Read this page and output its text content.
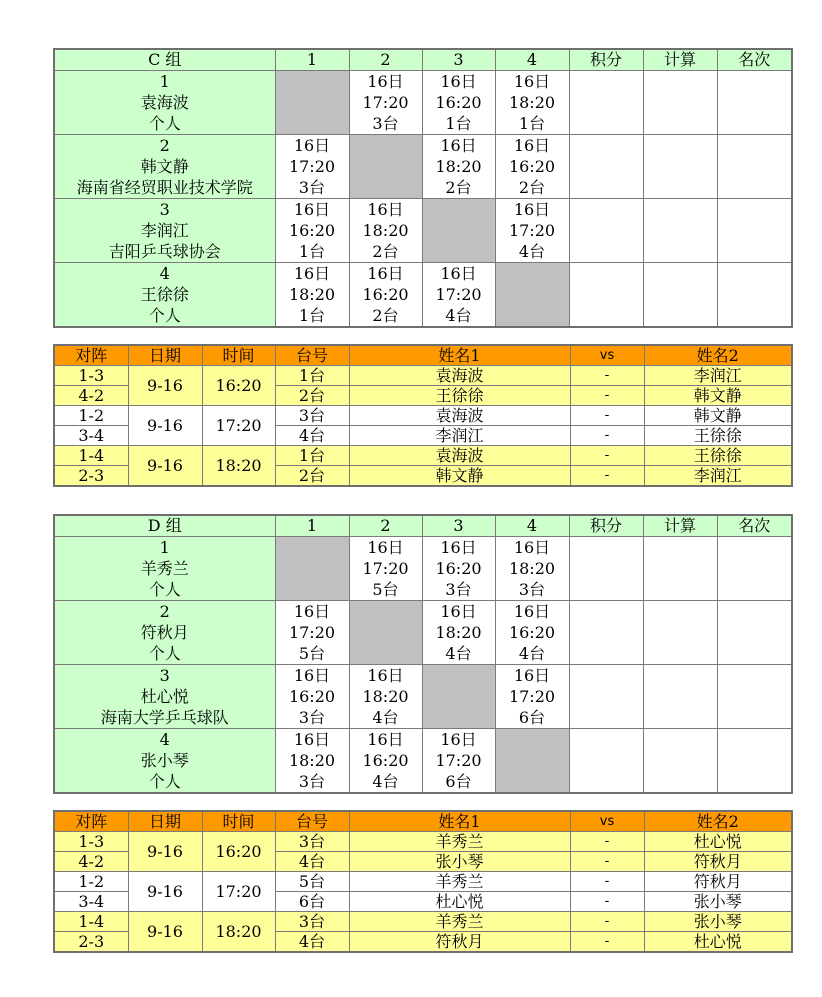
C 组	1	2	3	4	积分	计算	名次

1
袁海波
个人		16日
17:20
3台	16日
16:20
1台	16日
18:20
1台			

2
韩文静
海南省经贸职业技术学院	16日
17:20
3台		16日
18:20
2台	16日
16:20
2台			

3
李润江
吉阳乒乓球协会	16日
16:20
1台	16日
18:20
2台		16日
17:20
4台			

4
王徐徐
个人	16日
18:20
1台	16日
16:20
2台	16日
17:20
4台				

对阵	日期	时间	台号	姓名1	vs	姓名2
1-3	9-16	16:20	1台	袁海波	-	李润江
4-2			2台	王徐徐	-	韩文静
1-2	9-16	17:20	3台	袁海波	-	韩文静
3-4			4台	李润江	-	王徐徐
1-4	9-16	18:20	1台	袁海波	-	王徐徐
2-3			2台	韩文静	-	李润江
D 组	1	2	3	4	积分	计算	名次

1
羊秀兰
个人		16日
17:20
5台	16日
16:20
3台	16日
18:20
3台			

2
符秋月
个人	16日
17:20
5台		16日
18:20
4台	16日
16:20
4台			

3
杜心悦
海南大学乒乓球队	16日
16:20
3台	16日
18:20
4台		16日
17:20
6台			

4
张小琴
个人	16日
18:20
3台	16日
16:20
4台	16日
17:20
6台				

对阵	日期	时间	台号	姓名1	vs	姓名2
1-3	9-16	16:20	3台	羊秀兰	-	杜心悦
4-2			4台	张小琴	-	符秋月
1-2	9-16	17:20	5台	羊秀兰	-	符秋月
3-4			6台	杜心悦	-	张小琴
1-4	9-16	18:20	3台	羊秀兰	-	张小琴
2-3			4台	符秋月	-	杜心悦
